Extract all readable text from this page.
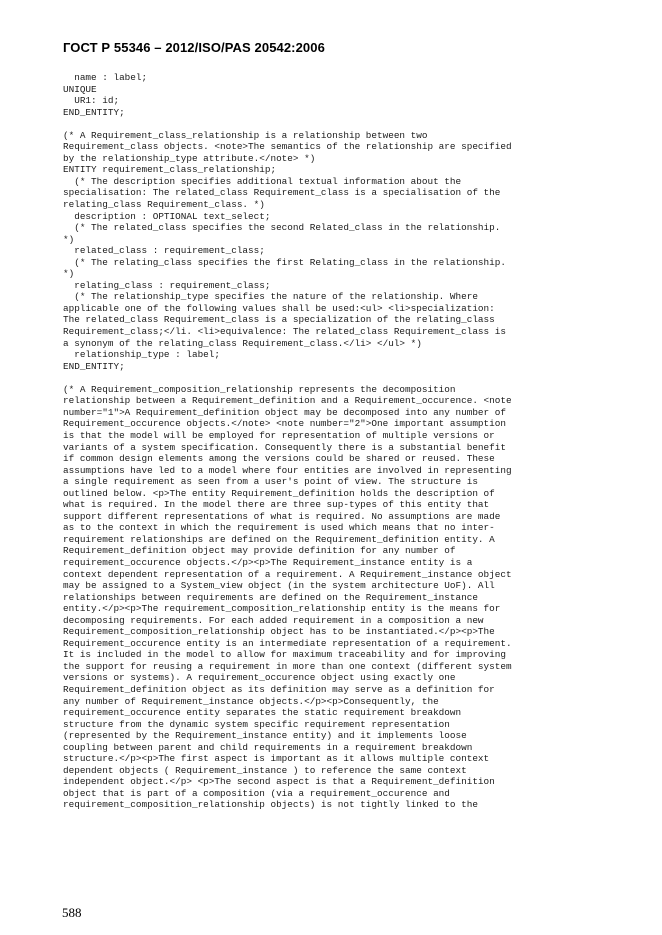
ГОСТ Р 55346 – 2012/ISO/PAS 20542:2006
name : label;
UNIQUE
UR1: id;
END_ENTITY;
(* A Requirement_class_relationship is a relationship between two
Requirement_class objects. <note>The semantics of the relationship are specified
by the relationship_type attribute.</note> *)
ENTITY requirement_class_relationship;
(* The description specifies additional textual information about the
specialisation: The related_class Requirement_class is a specialisation of the
relating_class Requirement_class. *)
description : OPTIONAL text_select;
(* The related_class specifies the second Related_class in the relationship.
*)
related_class : requirement_class;
(* The relating_class specifies the first Relating_class in the relationship.
*)
relating_class : requirement_class;
(* The relationship_type specifies the nature of the relationship. Where
applicable one of the following values shall be used:<ul> <li>specialization:
The related_class Requirement_class is a specialization of the relating_class
Requirement_class;</li. <li>equivalence: The related_class Requirement_class is
a synonym of the relating_class Requirement_class.</li> </ul> *)
relationship_type : label;
END_ENTITY;
(* A Requirement_composition_relationship represents the decomposition
relationship between a Requirement_definition and a Requirement_occurence. <note
number="1">A Requirement_definition object may be decomposed into any number of
Requirement_occurence objects.</note> <note number="2">One important assumption
is that the model will be employed for representation of multiple versions or
variants of a system specification. Consequently there is a substantial benefit
if common design elements among the versions could be shared or reused. These
assumptions have led to a model where four entities are involved in representing
a single requirement as seen from a user's point of view. The structure is
outlined below. <p>The entity Requirement_definition holds the description of
what is required. In the model there are three sup-types of this entity that
support different representations of what is required. No assumptions are made
as to the context in which the requirement is used which means that no inter-
requirement relationships are defined on the Requirement_definition entity. A
Requirement_definition object may provide definition for any number of
requirement_occurence objects.</p><p>The Requirement_instance entity is a
context dependent representation of a requirement. A Requirement_instance object
may be assigned to a System_view object (in the system architecture UoF). All
relationships between requirements are defined on the Requirement_instance
entity.</p><p>The requirement_composition_relationship entity is the means for
decomposing requirements. For each added requirement in a composition a new
Requirement_composition_relationship object has to be instantiated.</p><p>The
Requirement_occurence entity is an intermediate representation of a requirement.
It is included in the model to allow for maximum traceability and for improving
the support for reusing a requirement in more than one context (different system
versions or systems). A requirement_occurence object using exactly one
Requirement_definition object as its definition may serve as a definition for
any number of Requirement_instance objects.</p><p>Consequently, the
requirement_occurence entity separates the static requirement breakdown
structure from the dynamic system specific requirement representation
(represented by the Requirement_instance entity) and it implements loose
coupling between parent and child requirements in a requirement breakdown
structure.</p><p>The first aspect is important as it allows multiple context
dependent objects ( Requirement_instance ) to reference the same context
independent object.</p> <p>The second aspect is that a Requirement_definition
object that is part of a composition (via a requirement_occurence and
requirement_composition_relationship objects) is not tightly linked to the
588
